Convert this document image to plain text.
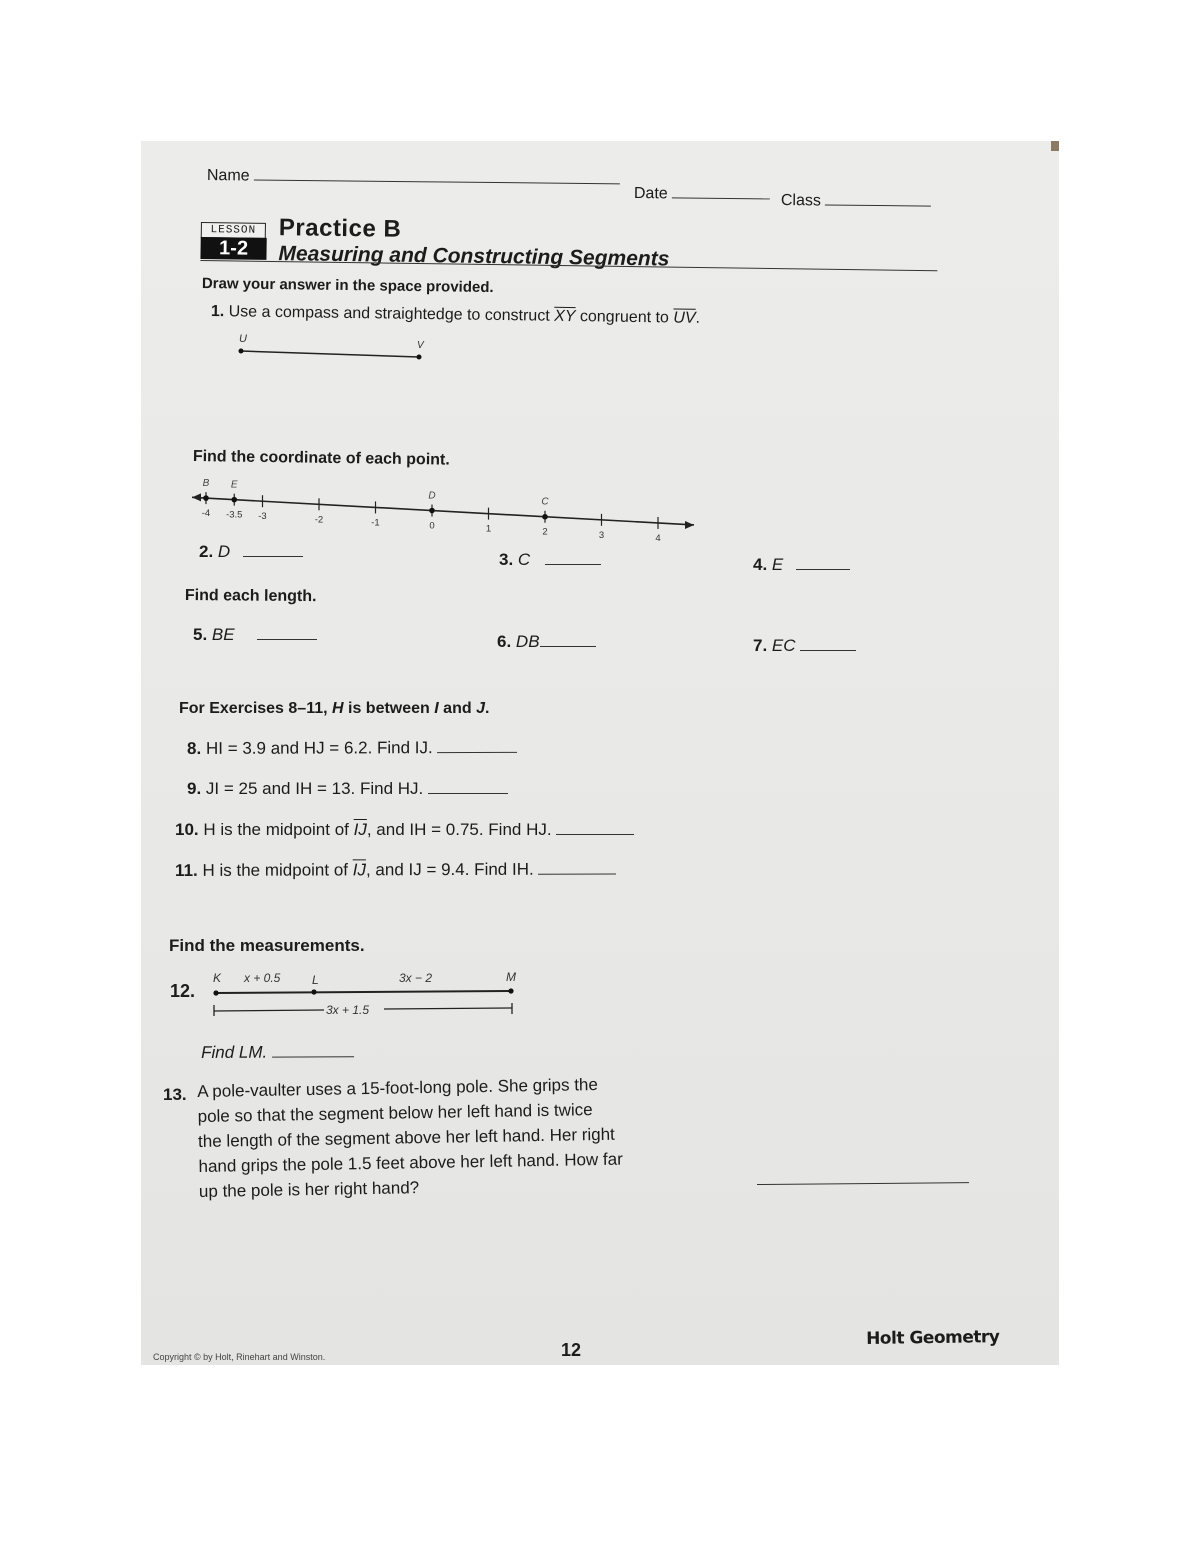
Name
Date	Class
LESSON
1-2
Practice B
Measuring and Constructing Segments
Draw your answer in the space provided.
1. Use a compass and straightedge to construct $\overline{XY}$ congruent to $\overline{UV}$.
U
V
Find the coordinate of each point.
-4 -3.5 -3	-2	-1	0	1	2	3	4
B E
D
C
2. D	3. C	4. E
Find each length.
5. BE	6. DB	7. EC
For Exercises 8–11, H is between I and J.
8. HI = 3.9 and HJ = 6.2. Find IJ.
9. JI = 25 and IH = 13. Find HJ.
10. H is the midpoint of $\overline{IJ}$, and IH = 0.75. Find HJ.
11. H is the midpoint of $\overline{IJ}$, and IJ = 9.4. Find IH.
Find the measurements.
12.
K x + 0.5	L	3x − 2	M
3x + 1.5
Find LM.
13. A pole-vaulter uses a 15-foot-long pole. She grips the
pole so that the segment below her left hand is twice
the length of the segment above her left hand. Her right
hand grips the pole 1.5 feet above her left hand. How far
up the pole is her right hand?
Copyright © by Holt, Rinehart and Winston.	12
Holt Geometry
